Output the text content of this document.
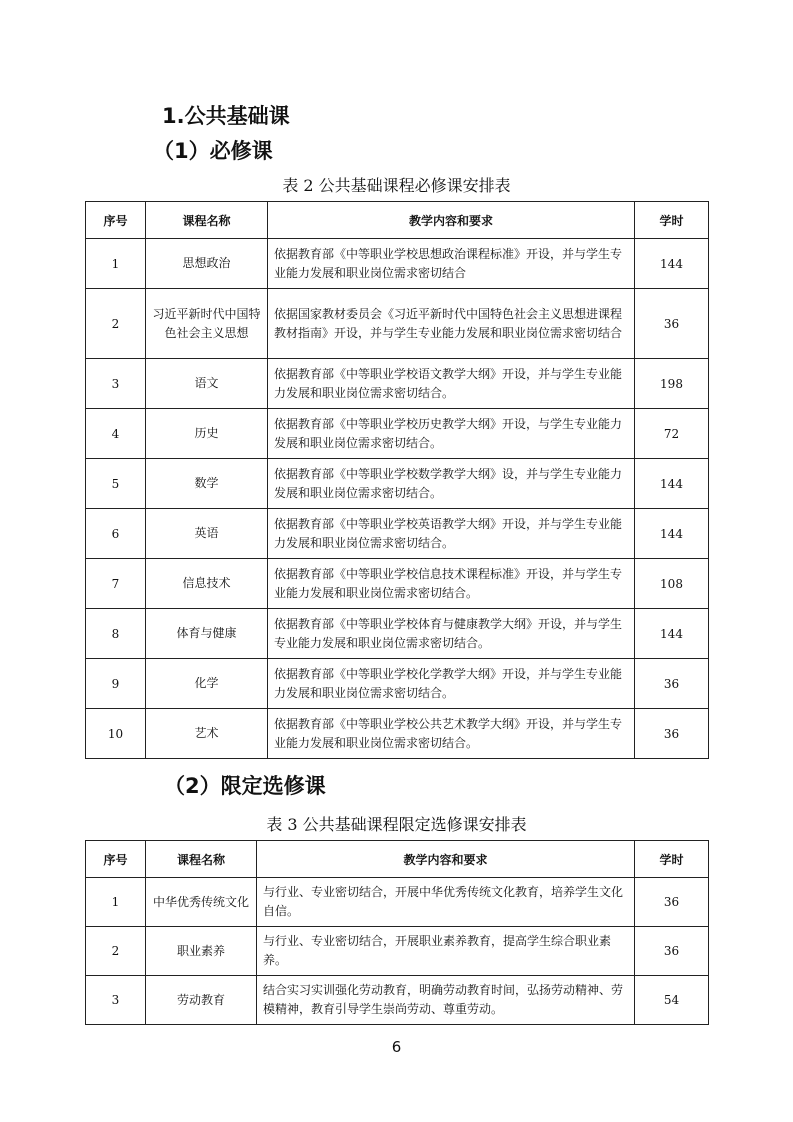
1.公共基础课
（1）必修课
表 2 公共基础课程必修课安排表
序号	课程名称	教学内容和要求	学时
1	思想政治	依据教育部《中等职业学校思想政治课程标准》开设，并与学生专业能力发展和职业岗位需求密切结合	144
2	习近平新时代中国特色社会主义思想	依据国家教材委员会《习近平新时代中国特色社会主义思想进课程教材指南》开设，并与学生专业能力发展和职业岗位需求密切结合	36
3	语文	依据教育部《中等职业学校语文教学大纲》开设，并与学生专业能力发展和职业岗位需求密切结合。	198
4	历史	依据教育部《中等职业学校历史教学大纲》开设，与学生专业能力发展和职业岗位需求密切结合。	72
5	数学	依据教育部《中等职业学校数学教学大纲》设，并与学生专业能力发展和职业岗位需求密切结合。	144
6	英语	依据教育部《中等职业学校英语教学大纲》开设，并与学生专业能力发展和职业岗位需求密切结合。	144
7	信息技术	依据教育部《中等职业学校信息技术课程标准》开设，并与学生专业能力发展和职业岗位需求密切结合。	108
8	体育与健康	依据教育部《中等职业学校体育与健康教学大纲》开设，并与学生专业能力发展和职业岗位需求密切结合。	144
9	化学	依据教育部《中等职业学校化学教学大纲》开设，并与学生专业能力发展和职业岗位需求密切结合。	36
10	艺术	依据教育部《中等职业学校公共艺术教学大纲》开设，并与学生专业能力发展和职业岗位需求密切结合。	36
（2）限定选修课
表 3 公共基础课程限定选修课安排表
序号	课程名称	教学内容和要求	学时
1	中华优秀传统文化	与行业、专业密切结合，开展中华优秀传统文化教育，培养学生文化自信。	36
2	职业素养	与行业、专业密切结合，开展职业素养教育，提高学生综合职业素养。	36
3	劳动教育	结合实习实训强化劳动教育，明确劳动教育时间，弘扬劳动精神、劳模精神，教育引导学生崇尚劳动、尊重劳动。	54
6
